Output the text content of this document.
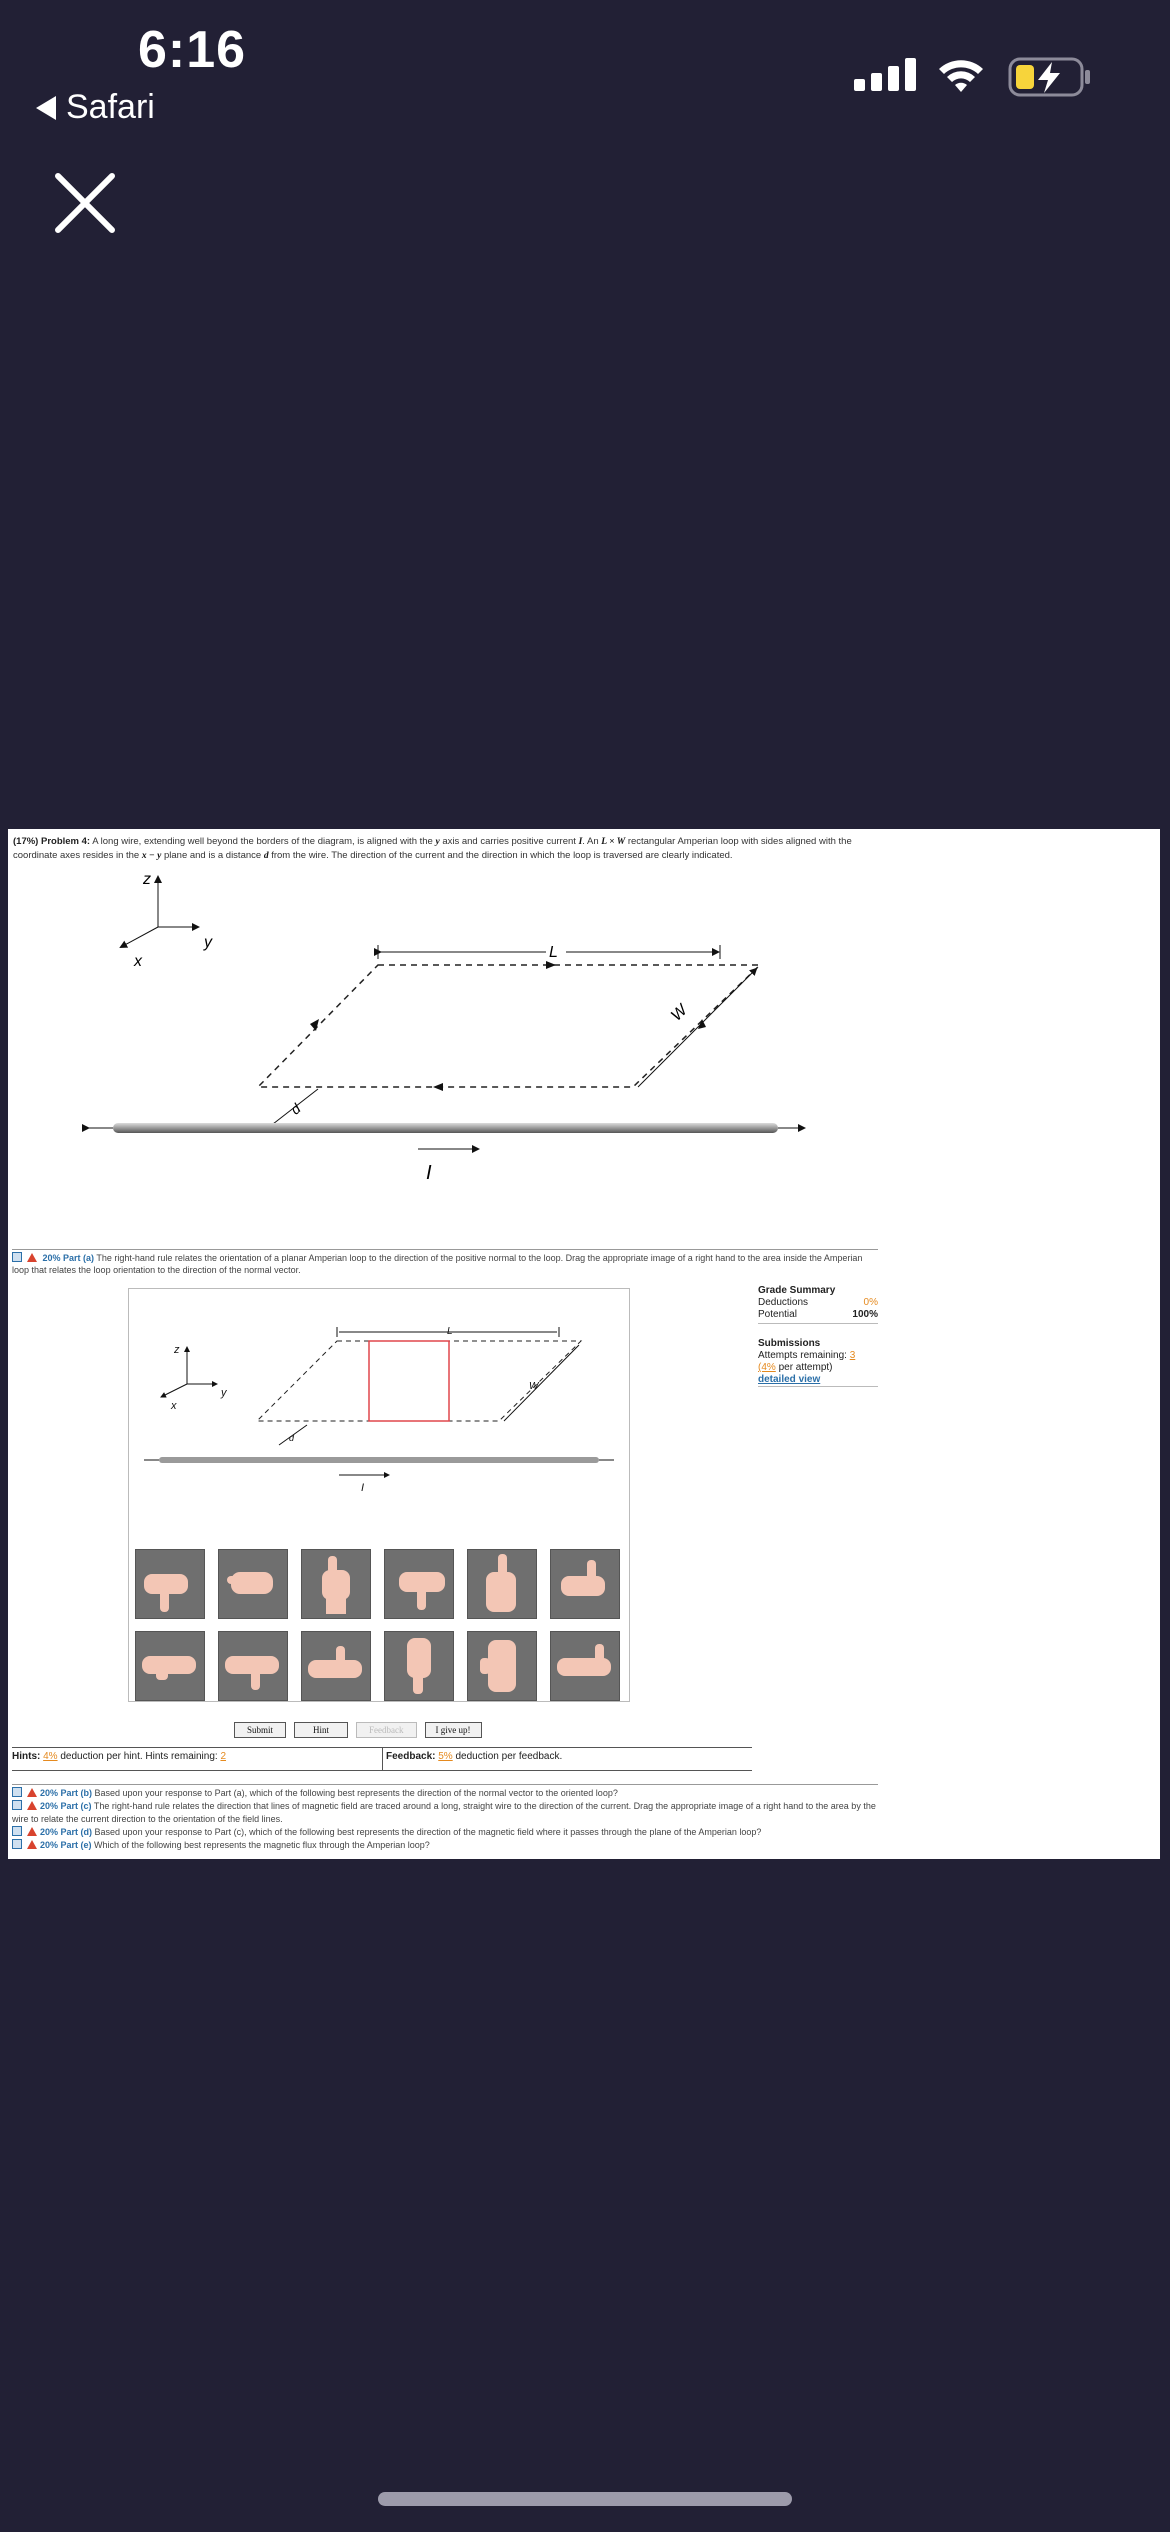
6:16
Safari
(17%) Problem 4: A long wire, extending well beyond the borders of the diagram, is aligned with the y axis and carries positive current I. An L × W rectangular Amperian loop with sides aligned with the coordinate axes resides in the x − y plane and is a distance d from the wire. The direction of the current and the direction in which the loop is traversed are clearly indicated.
z
y
x
L
W
d
I
20% Part (a) The right-hand rule relates the orientation of a planar Amperian loop to the direction of the positive normal to the loop. Drag the appropriate image of a right hand to the area inside the Amperian loop that relates the loop orientation to the direction of the normal vector.
z
y
x
L
W
d
I
Grade Summary
Deductions	0%
Potential	100%
Submissions
Attempts remaining: 3
(4% per attempt)
detailed view
Submit	Hint	Feedback	I give up!
Hints: 4% deduction per hint. Hints remaining: 2	Feedback: 5% deduction per feedback.
20% Part (b) Based upon your response to Part (a), which of the following best represents the direction of the normal vector to the oriented loop?
20% Part (c) The right-hand rule relates the direction that lines of magnetic field are traced around a long, straight wire to the direction of the current. Drag the appropriate image of a right hand to the area by the wire to relate the current direction to the orientation of the field lines.
20% Part (d) Based upon your response to Part (c), which of the following best represents the direction of the magnetic field where it passes through the plane of the Amperian loop?
20% Part (e) Which of the following best represents the magnetic flux through the Amperian loop?
